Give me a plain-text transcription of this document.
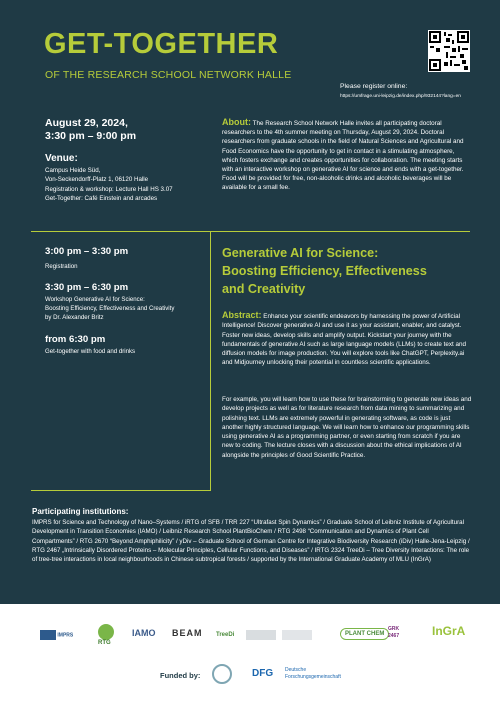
GET-TOGETHER
OF THE RESEARCH SCHOOL NETWORK HALLE
Please register online:
https://umfrage.uni-leipzig.de/index.php/932144?lang=en
August 29, 2024,
3:30 pm – 9:00 pm
Venue:
Campus Heide Süd,
Von-Seckendorff-Platz 1, 06120 Halle
Registration & workshop: Lecture Hall HS 3.07
Get-Together: Café Einstein and arcades
About: The Research School Network Halle invites all participating doctoral researchers to the 4th summer meeting on Thursday, August 29, 2024. Doctoral researchers from graduate schools in the field of Natural Sciences and Agricultural and Food Economics have the opportunity to get in contact in a stimulating atmosphere, which fosters exchange and creates opportunities for collaboration. The meeting starts with an interactive workshop on generative AI for science and ends with a get-together. Food will be provided for free, non-alcoholic drinks and alcoholic beverages will be available for a small fee.
3:00 pm – 3:30 pm
Registration
3:30 pm – 6:30 pm
Workshop Generative AI for Science:
Boosting Efficiency, Effectiveness and Creativity
by Dr. Alexander Britz
from 6:30 pm
Get-together with food and drinks
Generative AI for Science:
Boosting Efficiency, Effectiveness
and Creativity
Abstract: Enhance your scientific endeavors by harnessing the power of Artificial Intelligence! Discover generative AI and use it as your assistant, enabler, and catalyst. Foster new ideas, develop skills and amplify output. Kickstart your journey with the fundamentals of generative AI such as large language models (LLMs) to create text and diffusion models for image production. You will explore tools like ChatGPT, Perplexity.ai and Midjourney unlocking their potential in countless scientific applications.
For example, you will learn how to use these for brainstorming to generate new ideas and develop projects as well as for literature research from data mining to summarizing and polishing text. LLMs are extremely powerful in generating software, as code is just another highly structured language. We will learn how to enhance our programming skills using generative AI as a programming partner, or even starting from scratch if you are new to coding. The lecture closes with a discussion about the ethical implications of AI alongside the principles of Good Scientific Practice.
Participating institutions:
IMPRS for Science and Technology of Nano–Systems / iRTG of SFB / TRR 227 “Ultrafast Spin Dynamics” / Graduate School of Leibniz Institute of Agricultural Development in Transition Economies (IAMO) / Leibniz Research School PlantBioChem / RTG 2498 “Communication and Dynamics of Plant Cell Compartments” / RTG 2670 “Beyond Amphiphilicity” / yDiv – Graduate School of German Centre for Integrative Biodiversity Research (iDiv) Halle-Jena-Leipzig / RTG 2467 „Intrinsically Disordered Proteins – Molecular Principles, Cellular Functions, and Diseases” / IRTG 2324 TreeDi – Tree Diversity Interactions: The role of tree-tree interactions in local neighbourhoods in Chinese subtropical forests / supported by the International Graduate Academy of MLU (InGrA)
IMPRS
RTG
IAMO BEAM TreeDi	PLANT CHEM
GRK 2467	InGrA
Funded by:	DFG Deutsche
Forschungsgemeinschaft
